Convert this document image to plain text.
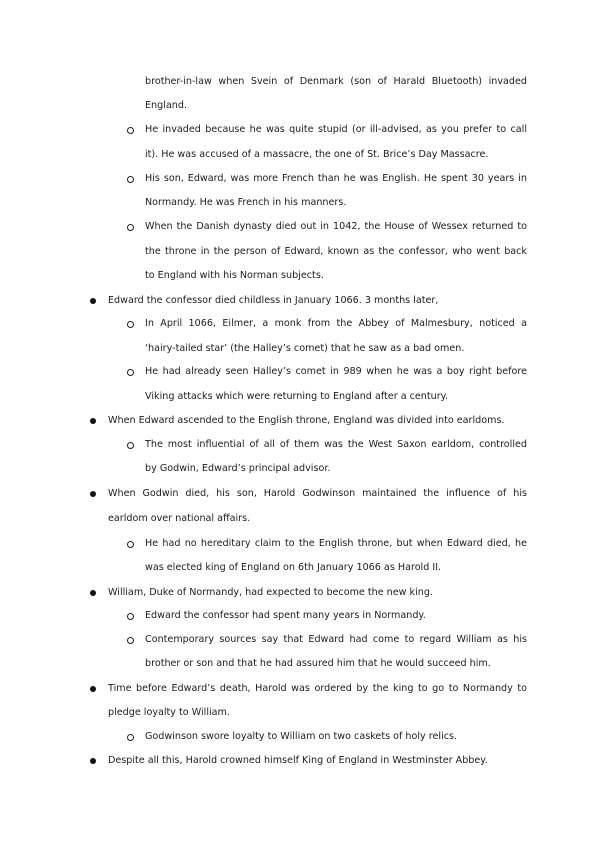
brother-in-law when Svein of Denmark (son of Harald Bluetooth) invaded
England.
He invaded because he was quite stupid (or ill-advised, as you prefer to call
it). He was accused of a massacre, the one of St. Brice’s Day Massacre.
His son, Edward, was more French than he was English. He spent 30 years in
Normandy. He was French in his manners.
When the Danish dynasty died out in 1042, the House of Wessex returned to
the throne in the person of Edward, known as the confessor, who went back
to England with his Norman subjects.
Edward the confessor died childless in January 1066. 3 months later,
In April 1066, Eilmer, a monk from the Abbey of Malmesbury, noticed a
‘hairy-tailed star’ (the Halley’s comet) that he saw as a bad omen.
He had already seen Halley’s comet in 989 when he was a boy right before
Viking attacks which were returning to England after a century.
When Edward ascended to the English throne, England was divided into earldoms.
The most influential of all of them was the West Saxon earldom, controlled
by Godwin, Edward’s principal advisor.
When Godwin died, his son, Harold Godwinson maintained the influence of his
earldom over national affairs.
He had no hereditary claim to the English throne, but when Edward died, he
was elected king of England on 6th January 1066 as Harold II.
William, Duke of Normandy, had expected to become the new king.
Edward the confessor had spent many years in Normandy.
Contemporary sources say that Edward had come to regard William as his
brother or son and that he had assured him that he would succeed him.
Time before Edward’s death, Harold was ordered by the king to go to Normandy to
pledge loyalty to William.
Godwinson swore loyalty to William on two caskets of holy relics.
Despite all this, Harold crowned himself King of England in Westminster Abbey.
